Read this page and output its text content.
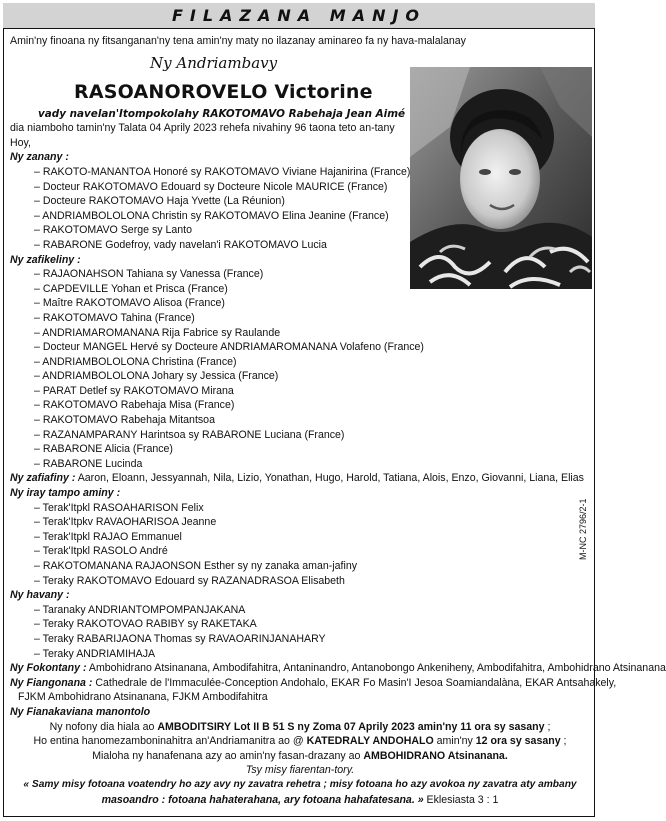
FILAZANA MANJO
M-NC 2796/2-1
Amin'ny finoana ny fitsanganan'ny tena amin'ny maty no ilazanay aminareo fa ny hava-malalanay
Ny Andriambavy
RASOANOROVELO Victorine
vady navelan'Itompokolahy RAKOTOMAVO Rabehaja Jean Aimé
dia niamboho tamin'ny Talata 04 Aprily 2023 rehefa nivahiny 96 taona teto an-tany
Hoy,
Ny zanany :
– RAKOTO-MANANTOA Honoré sy RAKOTOMAVO Viviane Hajanirina (France)
– Docteur RAKOTOMAVO Edouard sy Docteure Nicole MAURICE (France)
– Docteure RAKOTOMAVO Haja Yvette (La Réunion)
– ANDRIAMBOLOLONA Christin sy RAKOTOMAVO Elina Jeanine (France)
– RAKOTOMAVO Serge sy Lanto
– RABARONE Godefroy, vady navelan'i RAKOTOMAVO Lucia
Ny zafikeliny :
– RAJAONAHSON Tahiana sy Vanessa (France)
– CAPDEVILLE Yohan et Prisca (France)
– Maître RAKOTOMAVO Alisoa (France)
– RAKOTOMAVO Tahina (France)
– ANDRIAMAROMANANA Rija Fabrice sy Raulande
– Docteur MANGEL Hervé sy Docteure ANDRIAMAROMANANA Volafeno (France)
– ANDRIAMBOLOLONA Christina (France)
– ANDRIAMBOLOLONA Johary sy Jessica (France)
– PARAT Detlef sy RAKOTOMAVO Mirana
– RAKOTOMAVO Rabehaja Misa (France)
– RAKOTOMAVO Rabehaja Mitantsoa
– RAZANAMPARANY Harintsoa sy RABARONE Luciana (France)
– RABARONE Alicia (France)
– RABARONE Lucinda
Ny zafiafiny : Aaron, Eloann, Jessyannah, Nila, Lizio, Yonathan, Hugo, Harold, Tatiana, Alois, Enzo, Giovanni, Liana, Elias
Ny iray tampo aminy :
– Terak'Itpkl RASOAHARISON Felix
– Terak'Itpkv RAVAOHARISOA Jeanne
– Terak'Itpkl RAJAO Emmanuel
– Terak'Itpkl RASOLO André
– RAKOTOMANANA RAJAONSON Esther sy ny zanaka aman-jafiny
– Teraky RAKOTOMAVO Edouard sy RAZANADRASOA Elisabeth
Ny havany :
– Taranaky ANDRIANTOMPOMPANJAKANA
– Teraky RAKOTOVAO RABIBY sy RAKETAKA
– Teraky RABARIJAONA Thomas sy RAVAOARINJANAHARY
– Teraky ANDRIAMIHAJA
Ny Fokontany : Ambohidrano Atsinanana, Ambodifahitra, Antaninandro, Antanobongo Ankeniheny, Ambodifahitra, Ambohidrano Atsinanana
Ny Fiangonana : Cathedrale de l'Immaculée-Conception Andohalo, EKAR Fo Masin'I Jesoa Soamiandalàna, EKAR Antsahakely,
FJKM Ambohidrano Atsinanana, FJKM Ambodifahitra
Ny Fianakaviana manontolo
Ny nofony dia hiala ao AMBODITSIRY Lot II B 51 S ny Zoma 07 Aprily 2023 amin'ny 11 ora sy sasany ;
Ho entina hanomezamboninahitra an'Andriamanitra ao @ KATEDRALY ANDOHALO amin'ny 12 ora sy sasany ;
Mialoha ny hanafenana azy ao amin'ny fasan-drazany ao AMBOHIDRANO Atsinanana.
Tsy misy fiarentan-tory.
« Samy misy fotoana voatendry ho azy avy ny zavatra rehetra ; misy fotoana ho azy avokoa ny zavatra aty ambany
masoandro : fotoana hahaterahana, ary fotoana hahafatesana. » Eklesiasta 3 : 1
